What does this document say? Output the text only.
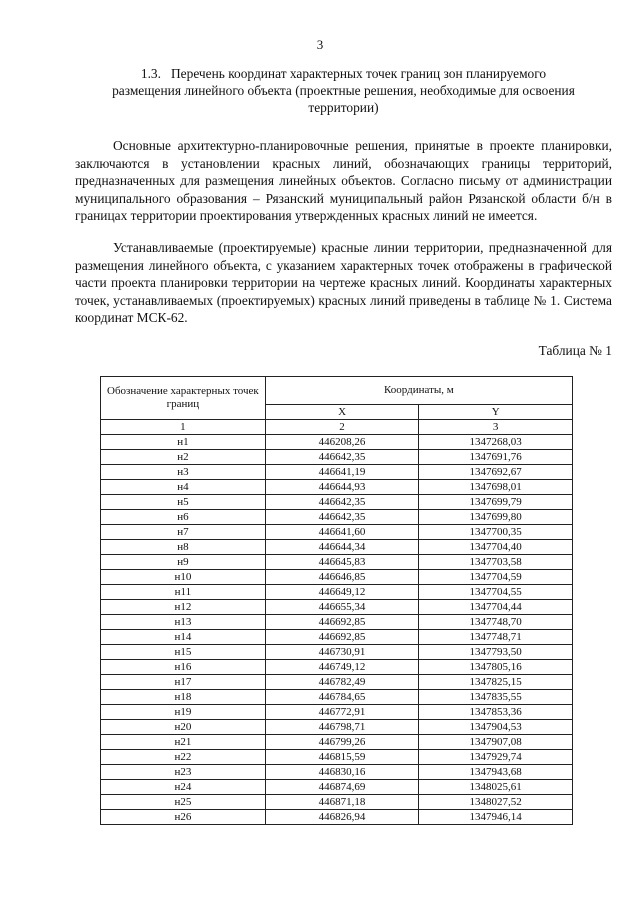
3
1.3.   Перечень координат характерных точек границ зон планируемого
размещения линейного объекта (проектные решения, необходимые для освоения
территории)

Основные архитектурно-планировочные решения, принятые в проекте планировки, заключаются в установлении красных линий, обозначающих границы территорий, предназначенных для размещения линейных объектов. Согласно письму от администрации муниципального образования – Рязанский муниципальный район Рязанской области б/н в границах территории проектирования утвержденных красных линий не имеется.

Устанавливаемые (проектируемые) красные линии территории, предназначенной для размещения линейного объекта, с указанием характерных точек отображены в графической части проекта планировки территории на чертеже красных линий. Координаты характерных точек, устанавливаемых (проектируемых) красных линий приведены в таблице № 1. Система координат МСК-62.

Таблица № 1
Обозначение характерных точек границ	Координаты, м	
	X	Y
1	2	3
н1	446208,26	1347268,03
н2	446642,35	1347691,76
н3	446641,19	1347692,67
н4	446644,93	1347698,01
н5	446642,35	1347699,79
н6	446642,35	1347699,80
н7	446641,60	1347700,35
н8	446644,34	1347704,40
н9	446645,83	1347703,58
н10	446646,85	1347704,59
н11	446649,12	1347704,55
н12	446655,34	1347704,44
н13	446692,85	1347748,70
н14	446692,85	1347748,71
н15	446730,91	1347793,50
н16	446749,12	1347805,16
н17	446782,49	1347825,15
н18	446784,65	1347835,55
н19	446772,91	1347853,36
н20	446798,71	1347904,53
н21	446799,26	1347907,08
н22	446815,59	1347929,74
н23	446830,16	1347943,68
н24	446874,69	1348025,61
н25	446871,18	1348027,52
н26	446826,94	1347946,14
